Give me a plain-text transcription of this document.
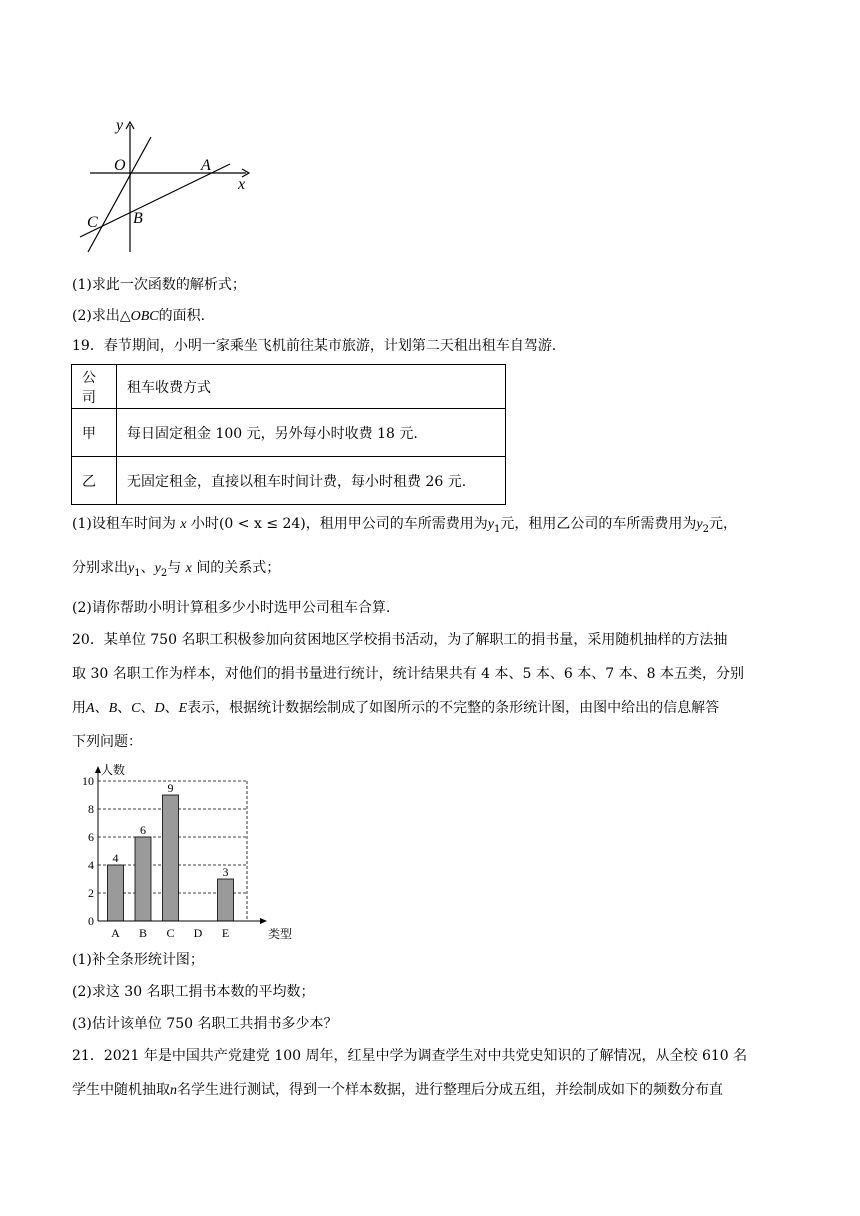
y
x
O	A
B
C
(1)求此一次函数的解析式；
(2)求出△OBC的面积.
19．春节期间，小明一家乘坐飞机前往某市旅游，计划第二天租出租车自驾游.
公司	租车收费方式
甲	每日固定租金 100 元，另外每小时收费 18 元.
乙	无固定租金，直接以租车时间计费，每小时租费 26 元.
(1)设租车时间为 x 小时(0 < x ≤ 24)，租用甲公司的车所需费用为$y_1$元，租用乙公司的车所需费用为$y_2$元，
分别求出$y_1$、$y_2$与 x 间的关系式；
(2)请你帮助小明计算租多少小时选甲公司租车合算.
20．某单位 750 名职工积极参加向贫困地区学校捐书活动，为了解职工的捐书量，采用随机抽样的方法抽
取 30 名职工作为样本，对他们的捐书量进行统计，统计结果共有 4 本、5 本、6 本、7 本、8 本五类，分别
用A、B、C、D、E表示，根据统计数据绘制成了如图所示的不完整的条形统计图，由图中给出的信息解答
下列问题：
0
2
4
6
8
10
4
A
6
B
9
C D
3
E
人数
类型
(1)补全条形统计图；
(2)求这 30 名职工捐书本数的平均数；
(3)估计该单位 750 名职工共捐书多少本？
21．2021 年是中国共产党建党 100 周年，红星中学为调查学生对中共党史知识的了解情况，从全校 610 名
学生中随机抽取n名学生进行测试，得到一个样本数据，进行整理后分成五组，并绘制成如下的频数分布直
